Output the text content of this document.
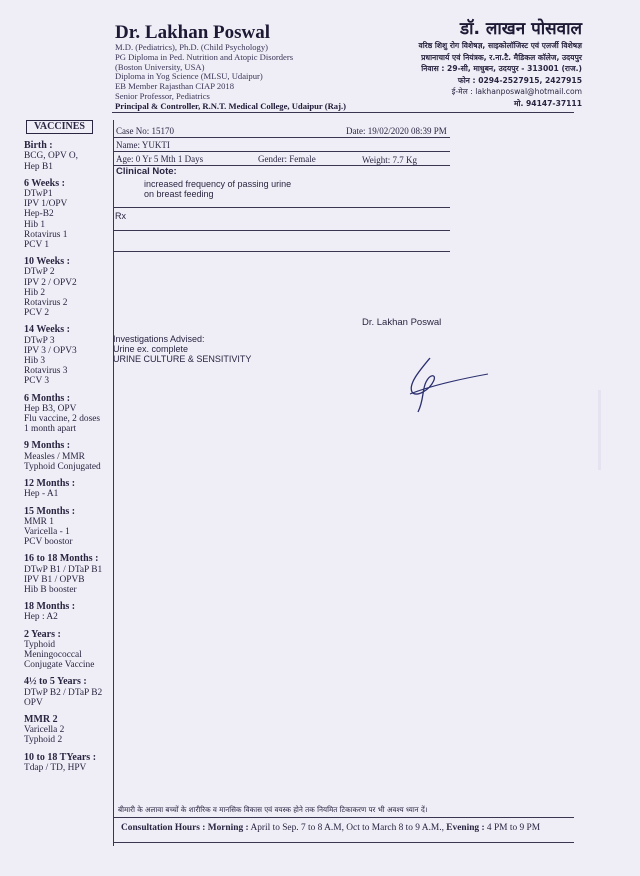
Dr. Lakhan Poswal
M.D. (Pediatrics), Ph.D. (Child Psychology)
PG Diploma in Ped. Nutrition and Atopic Disorders
(Boston University, USA)
Diploma in Yog Science (MLSU, Udaipur)
EB Member Rajasthan CIAP 2018
Senior Professor, Pediatrics
Principal & Controller, R.N.T. Medical College, Udaipur (Raj.)
डॉ. लाखन पोसवाल
वरिष्ठ शिशु रोग विशेषज्ञ, साइकोलॉजिस्ट एवं एलर्जी विशेषज्ञ
प्रधानाचार्य एवं नियंत्रक, र.ना.टै. मैडिकल कॉलेज, उदयपुर
निवास : 29-सी, माधुबन, उदयपुर - 313001 (राज.)
फोन : 0294-2527915, 2427915
ई-मेल : lakhanposwal@hotmail.com
मो. 94147-37111
VACCINES
Birth :
BCG, OPV O,
Hep B1
6 Weeks :
DTwP1
IPV 1/OPV
Hep-B2
Hib 1
Rotavirus 1
PCV 1
10 Weeks :
DTwP 2
IPV 2 / OPV2
Hib 2
Rotavirus 2
PCV 2
14 Weeks :
DTwP 3
IPV 3 / OPV3
Hib 3
Rotavirus 3
PCV 3
6 Months :
Hep B3, OPV
Flu vaccine, 2 doses
1 month apart
9 Months :
Measles / MMR
Typhoid Conjugated
12 Months :
Hep - A1
15 Months :
MMR 1
Varicella - 1
PCV boostor
16 to 18 Months :
DTwP B1 / DTaP B1
IPV B1 / OPVB
Hib B booster
18 Months :
Hep : A2
2 Years :
Typhoid
Meningococcal
Conjugate Vaccine
4½ to 5 Years :
DTwP B2 / DTaP B2
OPV
MMR 2
Varicella 2
Typhoid 2
10 to 18 TYears :
Tdap / TD, HPV
Case No: 15170	Date: 19/02/2020 08:39 PM
Name: YUKTI
Age: 0 Yr 5 Mth 1 Days	Gender: Female	Weight: 7.7 Kg
Clinical Note:
increased frequency of passing urine
on breast feeding
Rx
Dr. Lakhan Poswal
Investigations Advised:
Urine ex. complete
URINE CULTURE & SENSITIVITY
बीमारी के अलावा बच्चों के शारीरिक व मानसिक विकास एवं वयस्क होने तक नियमित टिकाकरण पर भी अवश्य ध्यान दें।
Consultation Hours : Morning : April to Sep. 7 to 8 A.M, Oct to March 8 to 9 A.M., Evening : 4 PM to 9 PM
